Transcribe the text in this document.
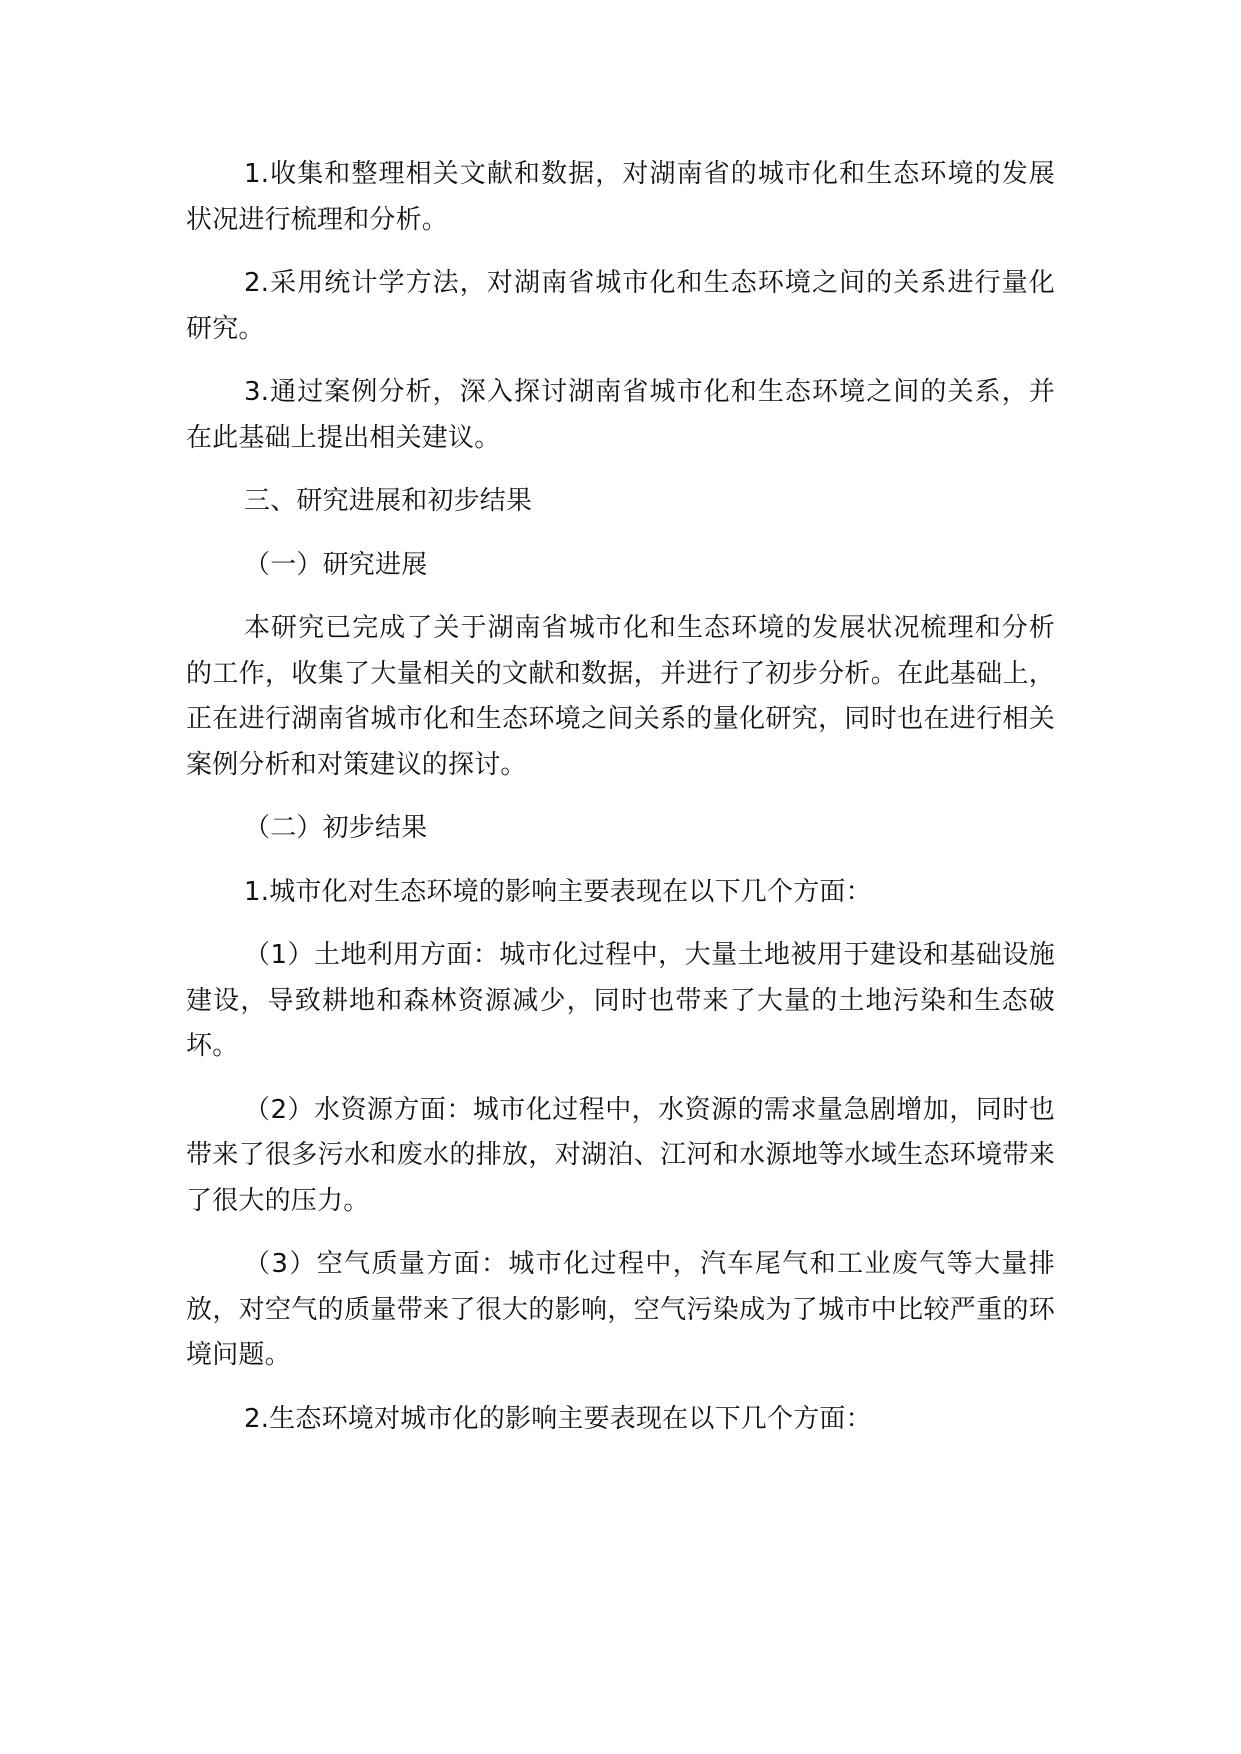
1.收集和整理相关文献和数据，对湖南省的城市化和生态环境的发展状况进行梳理和分析。

2.采用统计学方法，对湖南省城市化和生态环境之间的关系进行量化研究。

3.通过案例分析，深入探讨湖南省城市化和生态环境之间的关系，并在此基础上提出相关建议。

三、研究进展和初步结果

（一）研究进展

本研究已完成了关于湖南省城市化和生态环境的发展状况梳理和分析的工作，收集了大量相关的文献和数据，并进行了初步分析。在此基础上，正在进行湖南省城市化和生态环境之间关系的量化研究，同时也在进行相关案例分析和对策建议的探讨。

（二）初步结果

1.城市化对生态环境的影响主要表现在以下几个方面：

（1）土地利用方面：城市化过程中，大量土地被用于建设和基础设施建设，导致耕地和森林资源减少，同时也带来了大量的土地污染和生态破坏。

（2）水资源方面：城市化过程中，水资源的需求量急剧增加，同时也带来了很多污水和废水的排放，对湖泊、江河和水源地等水域生态环境带来了很大的压力。

（3）空气质量方面：城市化过程中，汽车尾气和工业废气等大量排放，对空气的质量带来了很大的影响，空气污染成为了城市中比较严重的环境问题。

2.生态环境对城市化的影响主要表现在以下几个方面：
